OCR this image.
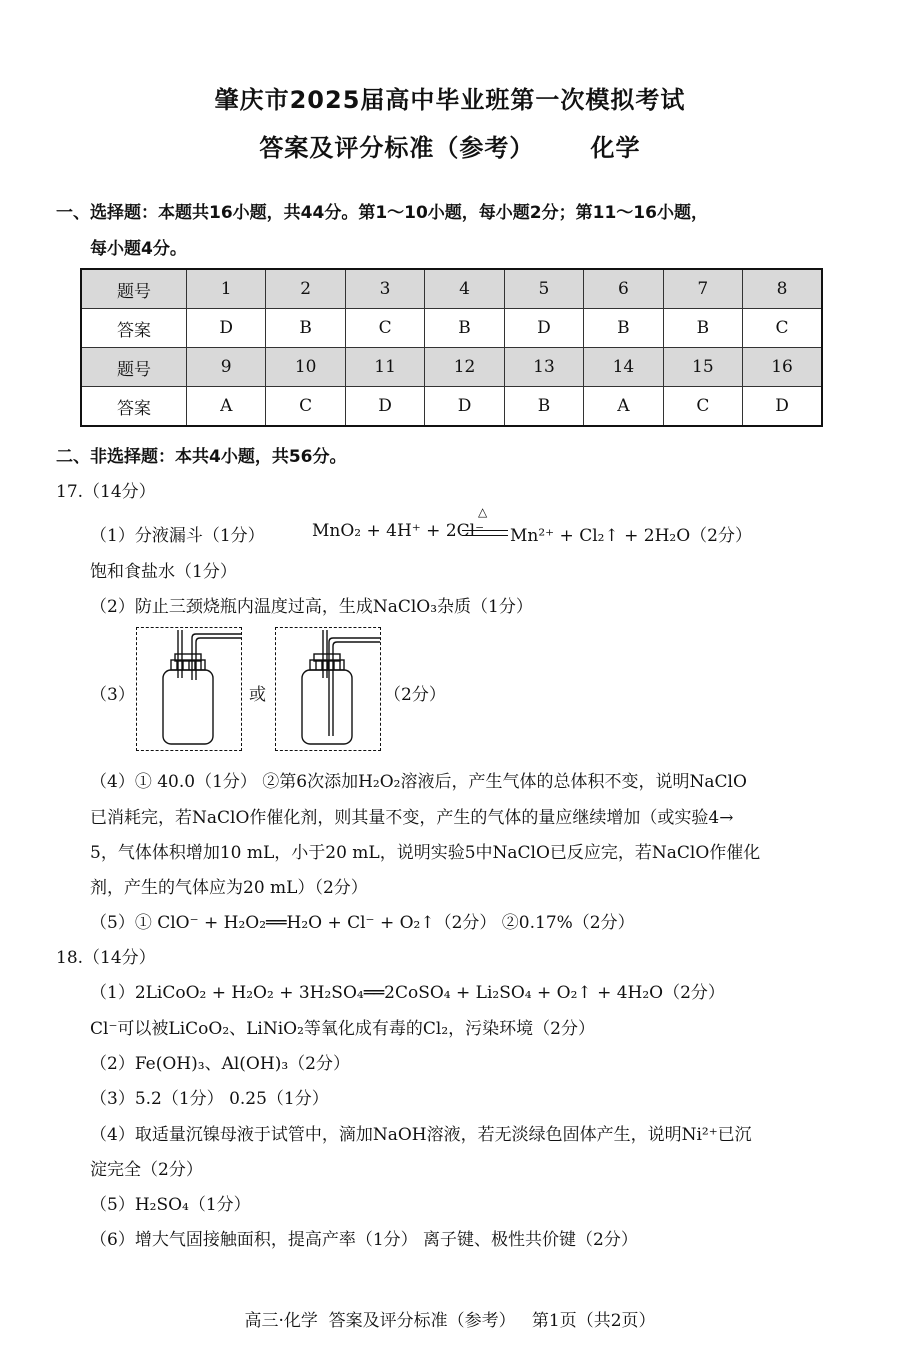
肇庆市2025届高中毕业班第一次模拟考试
答案及评分标准（参考）      化学
一、选择题：本题共16小题，共44分。第1～10小题，每小题2分；第11～16小题，
每小题4分。
题号	1	2	3	4	5	6	7	8
答案	D	B	C	B	D	B	B	C
题号	9	10	11	12	13	14	15	16
答案	A	C	D	D	B	A	C	D
二、非选择题：本共4小题，共56分。
17.（14分）
（1）分液漏斗（1分）	MnO₂ + 4H⁺ + 2Cl⁻
△
Mn²⁺ + Cl₂↑ + 2H₂O（2分）
饱和食盐水（1分）
（2）防止三颈烧瓶内温度过高，生成NaClO₃杂质（1分）
（3）	或	（2分）
（4）① 40.0（1分） ②第6次添加H₂O₂溶液后，产生气体的总体积不变，说明NaClO
已消耗完，若NaClO作催化剂，则其量不变，产生的气体的量应继续增加（或实验4→
5，气体体积增加10 mL，小于20 mL，说明实验5中NaClO已反应完，若NaClO作催化
剂，产生的气体应为20 mL）（2分）
（5）① ClO⁻ + H₂O₂══H₂O + Cl⁻ + O₂↑（2分） ②0.17%（2分）
18.（14分）
（1）2LiCoO₂ + H₂O₂ + 3H₂SO₄══2CoSO₄ + Li₂SO₄ + O₂↑ + 4H₂O（2分）
Cl⁻可以被LiCoO₂、LiNiO₂等氧化成有毒的Cl₂，污染环境（2分）
（2）Fe(OH)₃、Al(OH)₃（2分）
（3）5.2（1分） 0.25（1分）
（4）取适量沉镍母液于试管中，滴加NaOH溶液，若无淡绿色固体产生，说明Ni²⁺已沉
淀完全（2分）
（5）H₂SO₄（1分）
（6）增大气固接触面积，提高产率（1分） 离子键、极性共价键（2分）
高三·化学  答案及评分标准（参考）   第1页（共2页）
